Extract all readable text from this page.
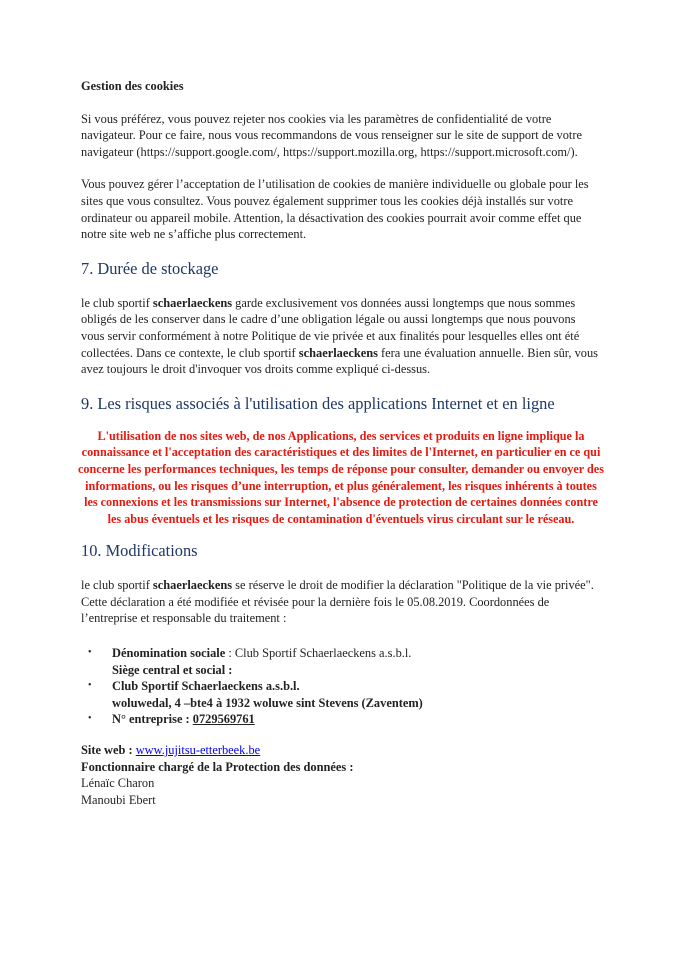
Gestion des cookies

Si vous préférez, vous pouvez rejeter nos cookies via les paramètres de confidentialité de votre navigateur. Pour ce faire, nous vous recommandons de vous renseigner sur le site de support de votre navigateur (https://support.google.com/, https://support.mozilla.org, https://support.microsoft.com/).

Vous pouvez gérer l’acceptation de l’utilisation de cookies de manière individuelle ou globale pour les sites que vous consultez. Vous pouvez également supprimer tous les cookies déjà installés sur votre ordinateur ou appareil mobile. Attention, la désactivation des cookies pourrait avoir comme effet que notre site web ne s’affiche plus correctement.

7. Durée de stockage

le club sportif schaerlaeckens garde exclusivement vos données aussi longtemps que nous sommes obligés de les conserver dans le cadre d’une obligation légale ou aussi longtemps que nous pouvons vous servir conformément à notre Politique de vie privée et aux finalités pour lesquelles elles ont été collectées. Dans ce contexte, le club sportif schaerlaeckens fera une évaluation annuelle. Bien sûr, vous avez toujours le droit d'invoquer vos droits comme expliqué ci-dessus.

9. Les risques associés à l'utilisation des applications Internet et en ligne

L'utilisation de nos sites web, de nos Applications, des services et produits en ligne implique la connaissance et l'acceptation des caractéristiques et des limites de l'Internet, en particulier en ce qui concerne les performances techniques, les temps de réponse pour consulter, demander ou envoyer des informations, ou les risques d’une interruption, et plus généralement, les risques inhérents à toutes les connexions et les transmissions sur Internet, l'absence de protection de certaines données contre les abus éventuels et les risques de contamination d'éventuels virus circulant sur le réseau.

10. Modifications

le club sportif schaerlaeckens se réserve le droit de modifier la déclaration "Politique de la vie privée". Cette déclaration a été modifiée et révisée pour la dernière fois le 05.08.2019. Coordonnées de l’entreprise et responsable du traitement :

• Dénomination sociale : Club Sportif Schaerlaeckens a.s.b.l.
Siège central et social :
• Club Sportif Schaerlaeckens a.s.b.l.
woluwedal, 4 –bte4 à 1932 woluwe sint Stevens (Zaventem)
• N° entreprise : 0729569761

Site web : www.jujitsu-etterbeek.be

Fonctionnaire chargé de la Protection des données :

Lénaïc Charon

Manoubi Ebert
